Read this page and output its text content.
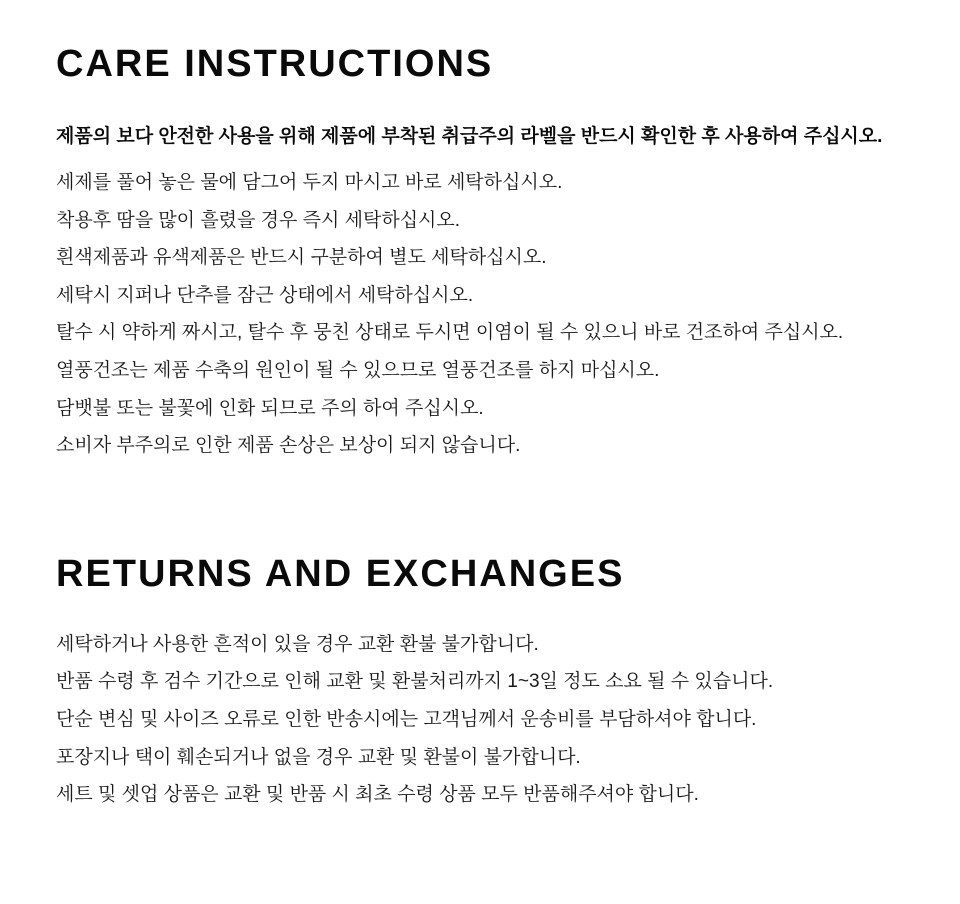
CARE INSTRUCTIONS

제품의 보다 안전한 사용을 위해 제품에 부착된 취급주의 라벨을 반드시 확인한 후 사용하여 주십시오.

세제를 풀어 놓은 물에 담그어 두지 마시고 바로 세탁하십시오.
착용후 땀을 많이 흘렸을 경우 즉시 세탁하십시오.
흰색제품과 유색제품은 반드시 구분하여 별도 세탁하십시오.
세탁시 지퍼나 단추를 잠근 상태에서 세탁하십시오.
탈수 시 약하게 짜시고, 탈수 후 뭉친 상태로 두시면 이염이 될 수 있으니 바로 건조하여 주십시오.
열풍건조는 제품 수축의 원인이 될 수 있으므로 열풍건조를 하지 마십시오.
담뱃불 또는 불꽃에 인화 되므로 주의 하여 주십시오.
소비자 부주의로 인한 제품 손상은 보상이 되지 않습니다.
RETURNS AND EXCHANGES
세탁하거나 사용한 흔적이 있을 경우 교환 환불 불가합니다.
반품 수령 후 검수 기간으로 인해 교환 및 환불처리까지 1~3일 정도 소요 될 수 있습니다.
단순 변심 및 사이즈 오류로 인한 반송시에는 고객님께서 운송비를 부담하셔야 합니다.
포장지나 택이 훼손되거나 없을 경우 교환 및 환불이 불가합니다.
세트 및 셋업 상품은 교환 및 반품 시 최초 수령 상품 모두 반품해주셔야 합니다.
